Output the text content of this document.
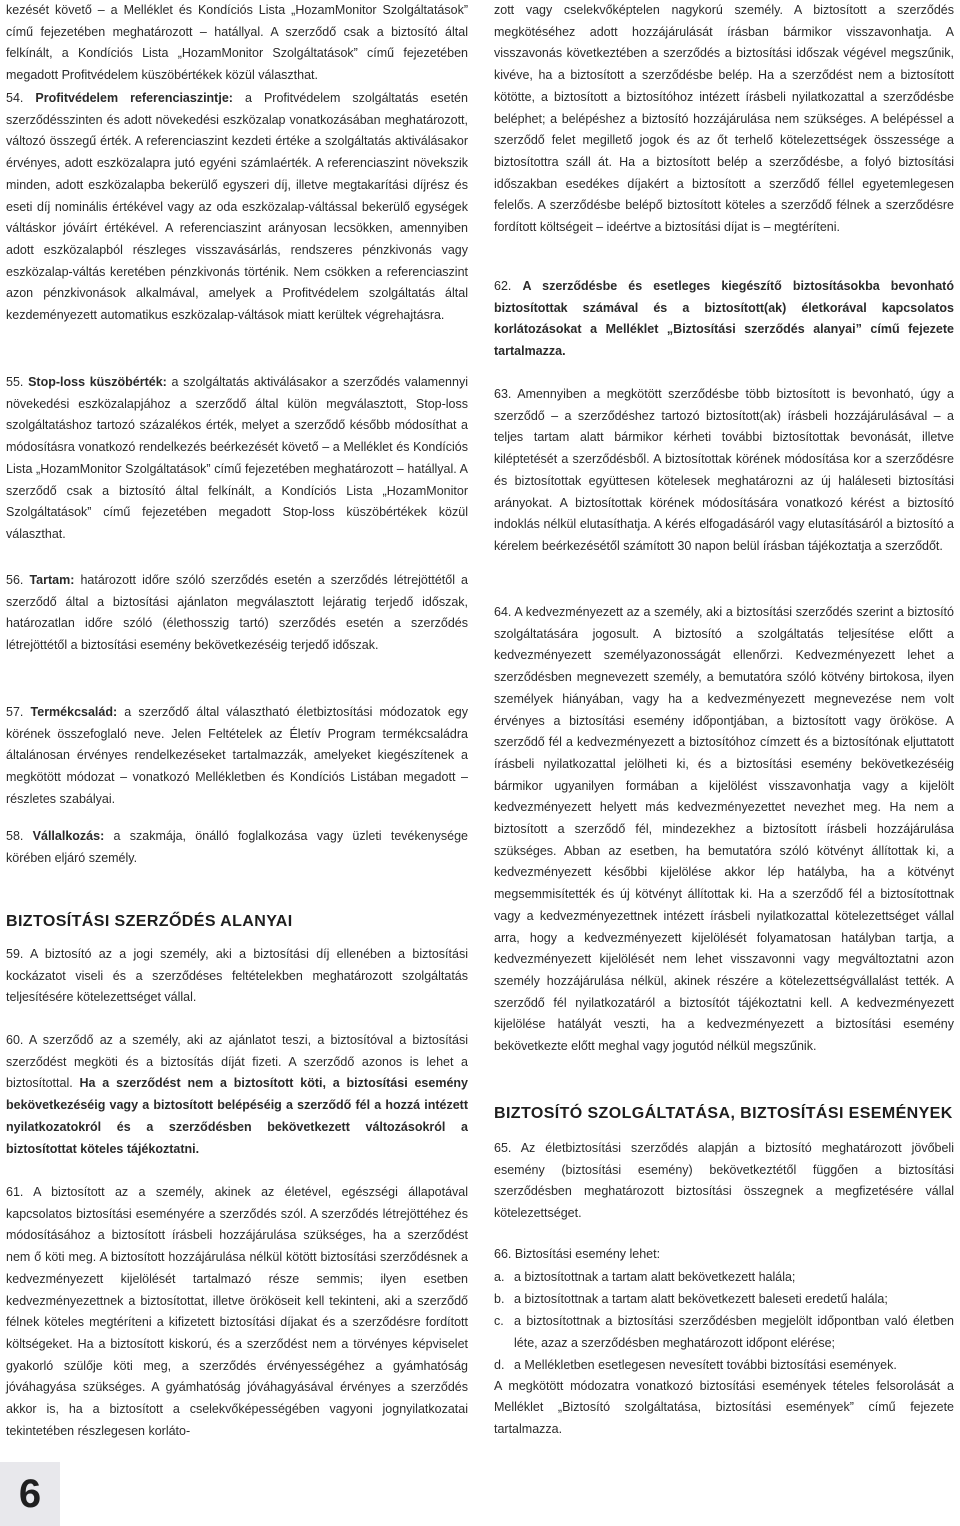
kezését követő – a Melléklet és Kondíciós Lista „HozamMonitor Szolgáltatások” című fejezetében meghatározott – hatállyal. A szerződő csak a biztosító által felkínált, a Kondíciós Lista „HozamMonitor Szolgáltatások” című fejezetében megadott Profitvédelem küszöbértékek közül választhat.

54. Profitvédelem referenciaszintje: a Profitvédelem szolgáltatás esetén szerződésszinten és adott növekedési eszközalap vonatkozásában meghatározott, változó összegű érték. A referenciaszint kezdeti értéke a szolgáltatás aktiválásakor érvényes, adott eszközalapra jutó egyéni számlaérték. A referenciaszint növekszik minden, adott eszközalapba bekerülő egyszeri díj, illetve megtakarítási díjrész és eseti díj nominális értékével vagy az oda eszközalap-váltással bekerülő egységek váltáskor jóváírt értékével. A referenciaszint arányosan lecsökken, amennyiben adott eszközalapból részleges visszavásárlás, rendszeres pénzkivonás vagy eszközalap-váltás keretében pénzkivonás történik. Nem csökken a referenciaszint azon pénzkivonások alkalmával, amelyek a Profitvédelem szolgáltatás által kezdeményezett automatikus eszközalap-váltások miatt kerültek végrehajtásra.

55. Stop-loss küszöbérték: a szolgáltatás aktiválásakor a szerződés valamennyi növekedési eszközalapjához a szerződő által külön megválasztott, Stop-loss szolgáltatáshoz tartozó százalékos érték, melyet a szerződő később módosíthat a módosításra vonatkozó rendelkezés beérkezését követő – a Melléklet és Kondíciós Lista „HozamMonitor Szolgáltatások” című fejezetében meghatározott – hatállyal. A szerződő csak a biztosító által felkínált, a Kondíciós Lista „HozamMonitor Szolgáltatások” című fejezetében megadott Stop-loss küszöbértékek közül választhat.

56. Tartam: határozott időre szóló szerződés esetén a szerződés létrejöttétől a szerződő által a biztosítási ajánlaton megválasztott lejáratig terjedő időszak, határozatlan időre szóló (élethosszig tartó) szerződés esetén a szerződés létrejöttétől a biztosítási esemény bekövetkezéséig terjedő időszak.

57. Termékcsalád: a szerződő által választható életbiztosítási módozatok egy körének összefoglaló neve. Jelen Feltételek az Életív Program termékcsaládra általánosan érvényes rendelkezéseket tartalmazzák, amelyeket kiegészítenek a megkötött módozat – vonatkozó Mellékletben és Kondíciós Listában megadott – részletes szabályai.

58. Vállalkozás: a szakmája, önálló foglalkozása vagy üzleti tevékenysége körében eljáró személy.

BIZTOSÍTÁSI SZERZŐDÉS ALANYAI

59. A biztosító az a jogi személy, aki a biztosítási díj ellenében a biztosítási kockázatot viseli és a szerződéses feltételekben meghatározott szolgáltatás teljesítésére kötelezettséget vállal.

60. A szerződő az a személy, aki az ajánlatot teszi, a biztosítóval a biztosítási szerződést megköti és a biztosítás díját fizeti. A szerződő azonos is lehet a biztosítottal. Ha a szerződést nem a biztosított köti, a biztosítási esemény bekövetkezéséig vagy a biztosított belépéséig a szerződő fél a hozzá intézett nyilatkozatokról és a szerződésben bekövetkezett változásokról a biztosítottat köteles tájékoztatni.

61. A biztosított az a személy, akinek az életével, egészségi állapotával kapcsolatos biztosítási eseményére a szerződés szól. A szerződés létrejöttéhez és módosításához a biztosított írásbeli hozzájárulása szükséges, ha a szerződést nem ő köti meg. A biztosított hozzájárulása nélkül kötött biztosítási szerződésnek a kedvezményezett kijelölését tartalmazó része semmis; ilyen esetben kedvezményezettnek a biztosítottat, illetve örököseit kell tekinteni, aki a szerződő félnek köteles megtéríteni a kifizetett biztosítási díjakat és a szerződésre fordított költségeket. Ha a biztosított kiskorú, és a szerződést nem a törvényes képviselet gyakorló szülője köti meg, a szerződés érvényességéhez a gyámhatóság jóváhagyása szükséges. A gyámhatóság jóváhagyásával érvényes a szerződés akkor is, ha a biztosított a cselekvőképességében vagyoni jognyilatkozatai tekintetében részlegesen korláto-

zott vagy cselekvőképtelen nagykorú személy. A biztosított a szerződés megkötéséhez adott hozzájárulását írásban bármikor visszavonhatja. A visszavonás következtében a szerződés a biztosítási időszak végével megszűnik, kivéve, ha a biztosított a szerződésbe belép. Ha a szerződést nem a biztosított kötötte, a biztosított a biztosítóhoz intézett írásbeli nyilatkozattal a szerződésbe beléphet; a belépéshez a biztosító hozzájárulása nem szükséges. A belépéssel a szerződő felet megillető jogok és az őt terhelő kötelezettségek összessége a biztosítottra száll át. Ha a biztosított belép a szerződésbe, a folyó biztosítási időszakban esedékes díjakért a biztosított a szerződő féllel egyetemlegesen felelős. A szerződésbe belépő biztosított köteles a szerződő félnek a szerződésre fordított költségeit – ideértve a biztosítási díjat is – megtéríteni.

62. A szerződésbe és esetleges kiegészítő biztosításokba bevonható biztosítottak számával és a biztosított(ak) életkorával kapcsolatos korlátozásokat a Melléklet „Biztosítási szerződés alanyai” című fejezete tartalmazza.

63. Amennyiben a megkötött szerződésbe több biztosított is bevonható, úgy a szerződő – a szerződéshez tartozó biztosított(ak) írásbeli hozzájárulásával – a teljes tartam alatt bármikor kérheti további biztosítottak bevonását, illetve kiléptetését a szerződésből. A biztosítottak körének módosítása kor a szerződésre és biztosítottak együttesen kötelesek meghatározni az új haláleseti biztosítási arányokat. A biztosítottak körének módosítására vonatkozó kérést a biztosító indoklás nélkül elutasíthatja. A kérés elfogadásáról vagy elutasításáról a biztosító a kérelem beérkezésétől számított 30 napon belül írásban tájékoztatja a szerződőt.

64. A kedvezményezett az a személy, aki a biztosítási szerződés szerint a biztosító szolgáltatására jogosult. A biztosító a szolgáltatás teljesítése előtt a kedvezményezett személyazonosságát ellenőrzi. Kedvezményezett lehet a szerződésben megnevezett személy, a bemutatóra szóló kötvény birtokosa, ilyen személyek hiányában, vagy ha a kedvezményezett megnevezése nem volt érvényes a biztosítási esemény időpontjában, a biztosított vagy örököse. A szerződő fél a kedvezményezett a biztosítóhoz címzett és a biztosítónak eljuttatott írásbeli nyilatkozattal jelölheti ki, és a biztosítási esemény bekövetkezéséig bármikor ugyanilyen formában a kijelölést visszavonhatja vagy a kijelölt kedvezményezett helyett más kedvezményezettet nevezhet meg. Ha nem a biztosított a szerződő fél, mindezekhez a biztosított írásbeli hozzájárulása szükséges. Abban az esetben, ha bemutatóra szóló kötvényt állítottak ki, a kedvezményezett későbbi kijelölése akkor lép hatályba, ha a kötvényt megsemmisítették és új kötvényt állítottak ki. Ha a szerződő fél a biztosítottnak vagy a kedvezményezettnek intézett írásbeli nyilatkozattal kötelezettséget vállal arra, hogy a kedvezményezett kijelölését folyamatosan hatályban tartja, a kedvezményezett kijelölését nem lehet visszavonni vagy megváltoztatni azon személy hozzájárulása nélkül, akinek részére a kötelezettségvállalást tették. A szerződő fél nyilatkozatáról a biztosítót tájékoztatni kell. A kedvezményezett kijelölése hatályát veszti, ha a kedvezményezett a biztosítási esemény bekövetkezte előtt meghal vagy jogutód nélkül megszűnik.

BIZTOSÍTÓ SZOLGÁLTATÁSA, BIZTOSÍTÁSI ESEMÉNYEK

65. Az életbiztosítási szerződés alapján a biztosító meghatározott jövőbeli esemény (biztosítási esemény) bekövetkeztétől függően a biztosítási szerződésben meghatározott biztosítási összegnek a megfizetésére vállal kötelezettséget.

66. Biztosítási esemény lehet:

a. a biztosítottnak a tartam alatt bekövetkezett halála;
b. a biztosítottnak a tartam alatt bekövetkezett baleseti eredetű halála;
c. a biztosítottnak a biztosítási szerződésben megjelölt időpontban való életben léte, azaz a szerződésben meghatározott időpont elérése;
d. a Mellékletben esetlegesen nevesített további biztosítási események.

A megkötött módozatra vonatkozó biztosítási események tételes felsorolását a Melléklet „Biztosító szolgáltatása, biztosítási események” című fejezete tartalmazza.

6
